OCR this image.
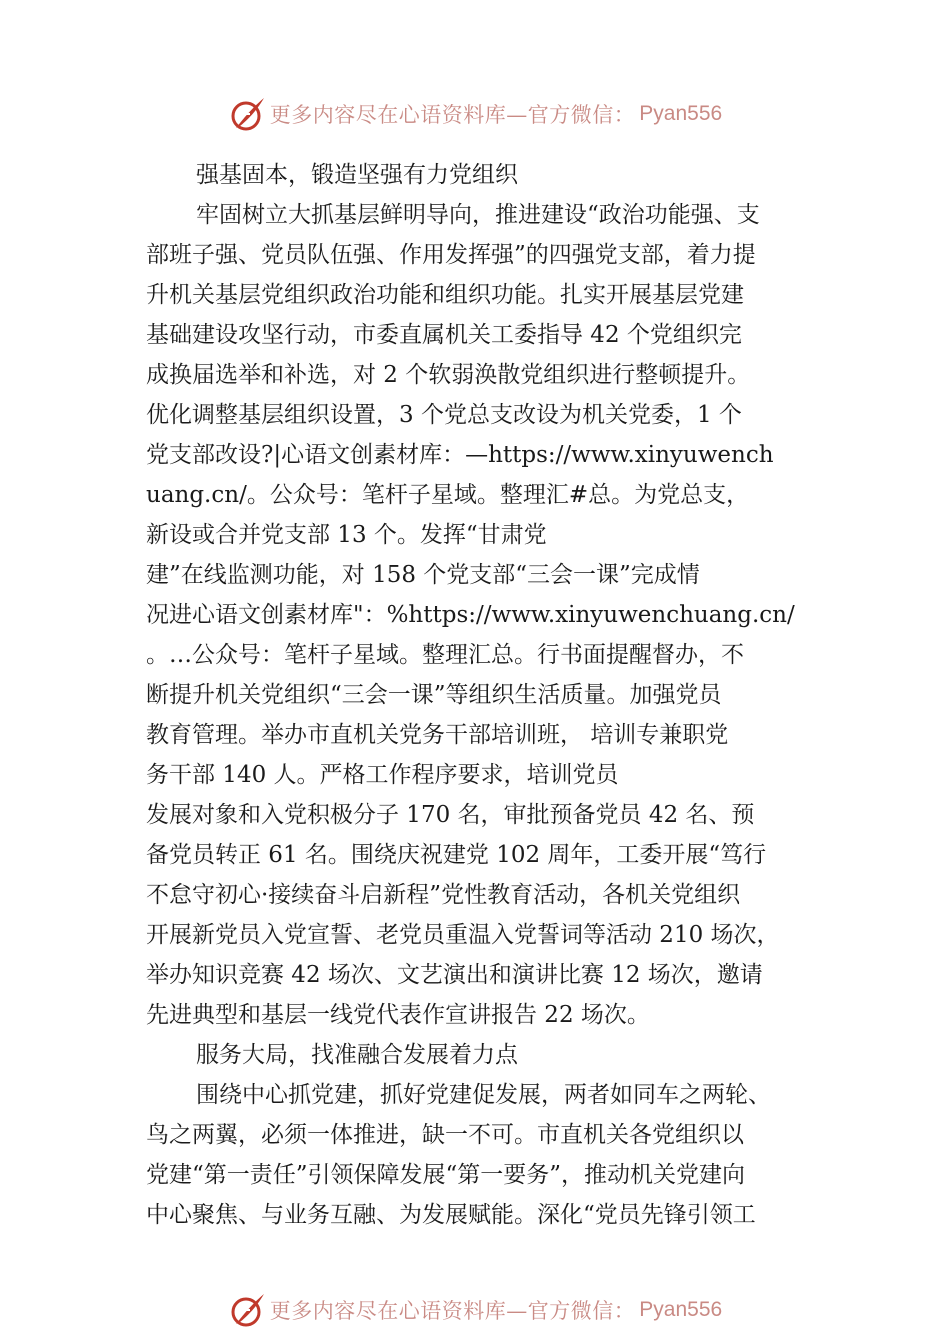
更多内容尽在心语资料库—官方微信： Pyan556
强基固本，锻造坚强有力党组织
牢固树立大抓基层鲜明导向，推进建设“政治功能强、支
部班子强、党员队伍强、作用发挥强”的四强党支部，着力提
升机关基层党组织政治功能和组织功能。扎实开展基层党建
基础建设攻坚行动，市委直属机关工委指导 42 个党组织完
成换届选举和补选，对 2 个软弱涣散党组织进行整顿提升。
优化调整基层组织设置，3 个党总支改设为机关党委，1 个
党支部改设?|心语文创素材库：—https://www.xinyuwench
uang.cn/。公众号：笔杆子星域。整理汇#总。为党总支，
新设或合并党支部 13 个。发挥“甘肃党
建”在线监测功能，对 158 个党支部“三会一课”完成情
况进心语文创素材库"：%https://www.xinyuwenchuang.cn/
。…公众号：笔杆子星域。整理汇总。行书面提醒督办，不
断提升机关党组织“三会一课”等组织生活质量。加强党员
教育管理。举办市直机关党务干部培训班， 培训专兼职党
务干部 140 人。严格工作程序要求，培训党员
发展对象和入党积极分子 170 名，审批预备党员 42 名、预
备党员转正 61 名。围绕庆祝建党 102 周年，工委开展“笃行
不怠守初心·接续奋斗启新程”党性教育活动，各机关党组织
开展新党员入党宣誓、老党员重温入党誓词等活动 210 场次，
举办知识竞赛 42 场次、文艺演出和演讲比赛 12 场次，邀请
先进典型和基层一线党代表作宣讲报告 22 场次。
服务大局，找准融合发展着力点
围绕中心抓党建，抓好党建促发展，两者如同车之两轮、
鸟之两翼，必须一体推进，缺一不可。市直机关各党组织以
党建“第一责任”引领保障发展“第一要务”，推动机关党建向
中心聚焦、与业务互融、为发展赋能。深化“党员先锋引领工
更多内容尽在心语资料库—官方微信： Pyan556
